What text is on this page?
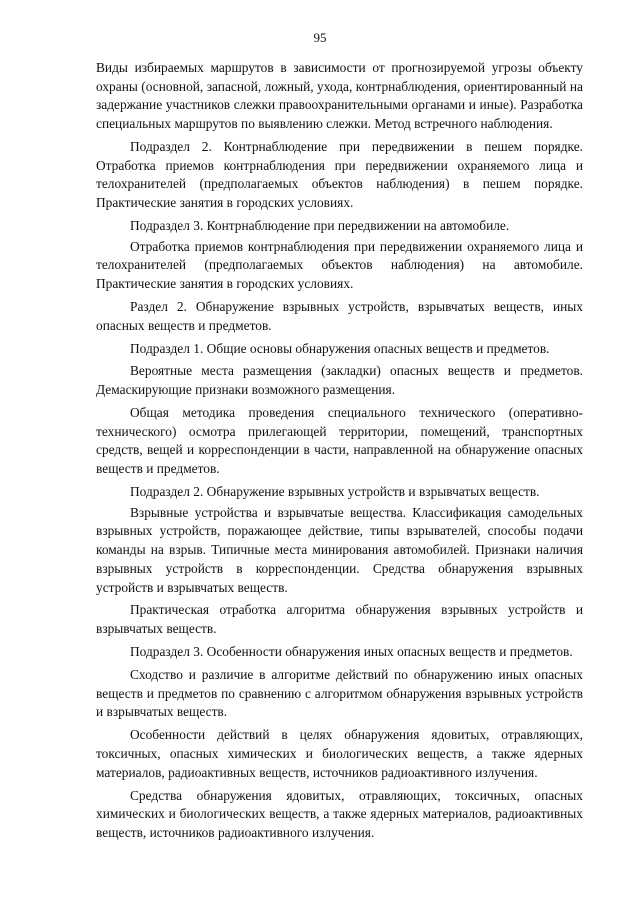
95

Виды избираемых маршрутов в зависимости от прогнозируемой угрозы объекту охраны (основной, запасной, ложный, ухода, контрнаблюдения, ориентированный на задержание участников слежки правоохранительными органами и иные). Разработка специальных маршрутов по выявлению слежки. Метод встречного наблюдения.

Подраздел 2. Контрнаблюдение при передвижении в пешем порядке. Отработка приемов контрнаблюдения при передвижении охраняемого лица и телохранителей (предполагаемых объектов наблюдения) в пешем порядке. Практические занятия в городских условиях.

Подраздел 3. Контрнаблюдение при передвижении на автомобиле.

Отработка приемов контрнаблюдения при передвижении охраняемого лица и телохранителей (предполагаемых объектов наблюдения) на автомобиле. Практические занятия в городских условиях.

Раздел 2. Обнаружение взрывных устройств, взрывчатых веществ, иных опасных веществ и предметов.

Подраздел 1. Общие основы обнаружения опасных веществ и предметов.

Вероятные места размещения (закладки) опасных веществ и предметов. Демаскирующие признаки возможного размещения.

Общая методика проведения специального технического (оперативно-технического) осмотра прилегающей территории, помещений, транспортных средств, вещей и корреспонденции в части, направленной на обнаружение опасных веществ и предметов.

Подраздел 2. Обнаружение взрывных устройств и взрывчатых веществ.

Взрывные устройства и взрывчатые вещества. Классификация самодельных взрывных устройств, поражающее действие, типы взрывателей, способы подачи команды на взрыв. Типичные места минирования автомобилей. Признаки наличия взрывных устройств в корреспонденции. Средства обнаружения взрывных устройств и взрывчатых веществ.

Практическая отработка алгоритма обнаружения взрывных устройств и взрывчатых веществ.

Подраздел 3. Особенности обнаружения иных опасных веществ и предметов.

Сходство и различие в алгоритме действий по обнаружению иных опасных веществ и предметов по сравнению с алгоритмом обнаружения взрывных устройств и взрывчатых веществ.

Особенности действий в целях обнаружения ядовитых, отравляющих, токсичных, опасных химических и биологических веществ, а также ядерных материалов, радиоактивных веществ, источников радиоактивного излучения.

Средства обнаружения ядовитых, отравляющих, токсичных, опасных химических и биологических веществ, а также ядерных материалов, радиоактивных веществ, источников радиоактивного излучения.
